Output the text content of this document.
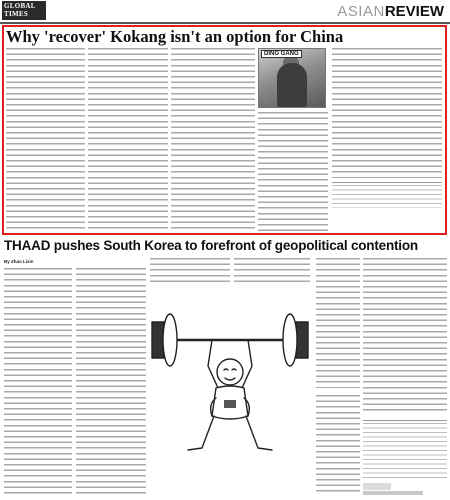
GLOBAL
TIMES	ASIANREVIEW
Why 'recover' Kokang isn't an option for China
DING GANG
THAAD pushes South Korea to forefront of geopolitical contention
By Zhao Lixin
